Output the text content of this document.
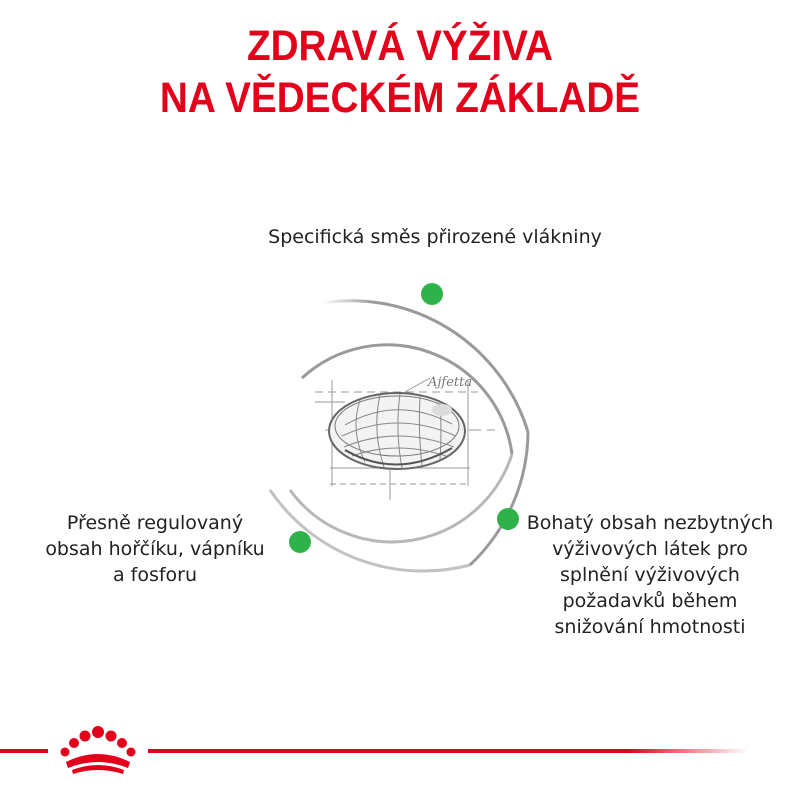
ZDRAVÁ VÝŽIVA
NA VĚDECKÉM ZÁKLADĚ

Specifická směs přirozené vlákniny

Přesně regulovaný obsah hořčíku, vápníku a fosforu

Bohatý obsah nezbytných výživových látek pro splnění výživových požadavků během snižování hmotnosti

Ajfetta
